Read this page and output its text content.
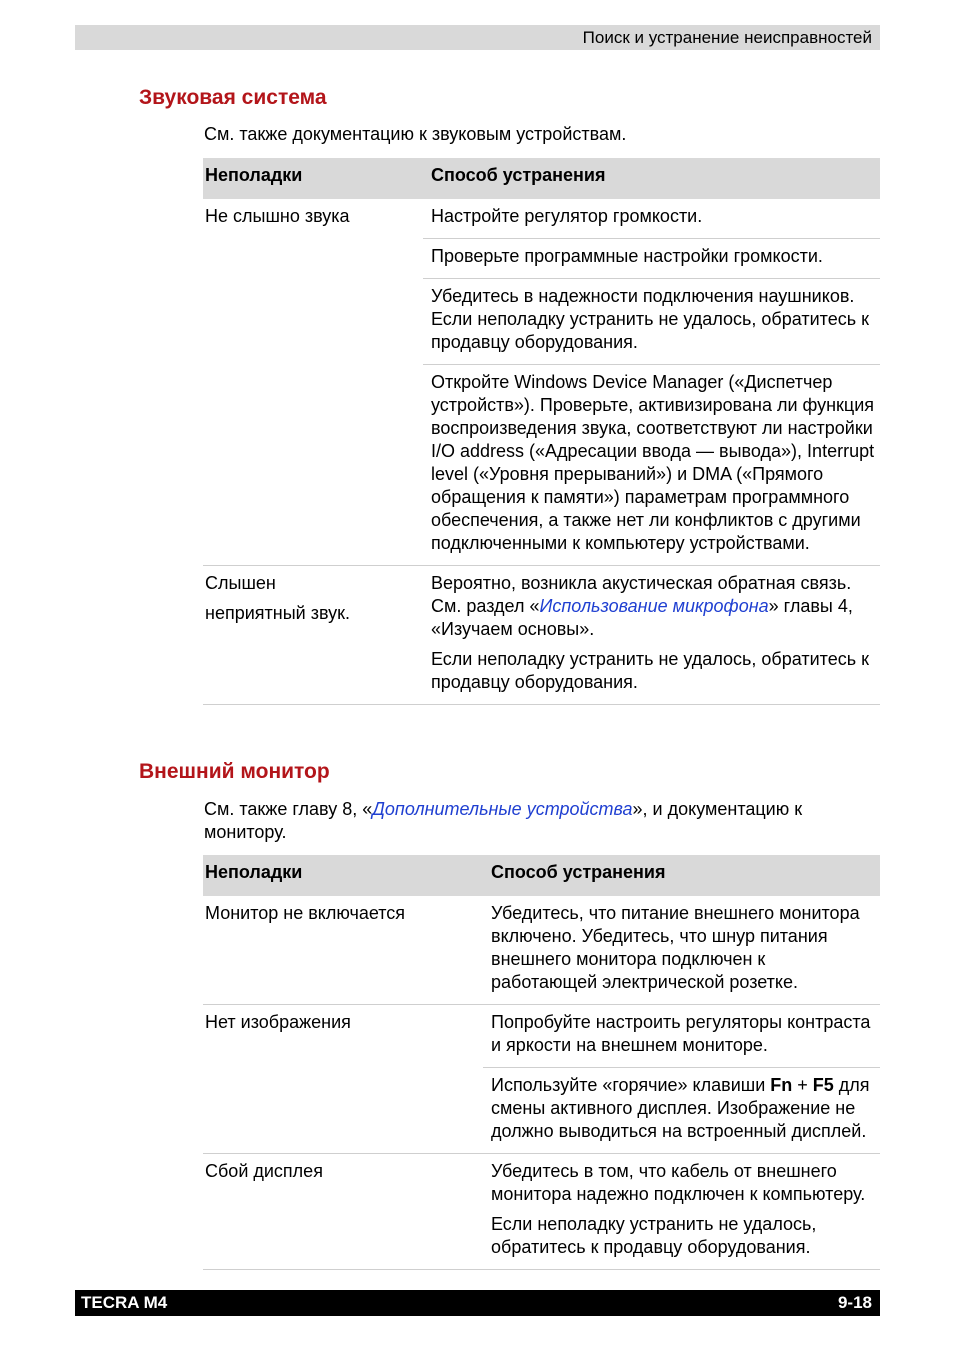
Поиск и устранение неисправностей
Звуковая система

См. также документацию к звуковым устройствам.

Неполадки	Способ устранения
Не слышно звука	Настройте регулятор громкости.
	Проверьте программные настройки громкости.
	Убедитесь в надежности подключения наушников. Если неполадку устранить не удалось, обратитесь к продавцу оборудования.
	Откройте Windows Device Manager («Диспетчер устройств»). Проверьте, активизирована ли функция воспроизведения звука, соответствуют ли настройки I/O address («Адресации ввода — вывода»), Interrupt level («Уровня прерываний») и DMA («Прямого обращения к памяти») параметрам программного обеспечения, а также нет ли конфликтов с другими подключенными к компьютеру устройствами.
Слышен
неприятный звук.	Вероятно, возникла акустическая обратная связь. См. раздел «Использование микрофона» главы 4, «Изучаем основы».
Если неполадку устранить не удалось, обратитесь к продавцу оборудования.
Внешний монитор

См. также главу 8, «Дополнительные устройства», и документацию к монитору.

Неполадки	Способ устранения
Монитор не включается	Убедитесь, что питание внешнего монитора включено. Убедитесь, что шнур питания внешнего монитора подключен к работающей электрической розетке.
Нет изображения	Попробуйте настроить регуляторы контраста и яркости на внешнем мониторе.
	Используйте «горячие» клавиши Fn + F5 для смены активного дисплея. Изображение не должно выводиться на встроенный дисплей.
Сбой дисплея	Убедитесь в том, что кабель от внешнего монитора надежно подключен к компьютеру.
Если неполадку устранить не удалось, обратитесь к продавцу оборудования.
TECRA M4	9-18
